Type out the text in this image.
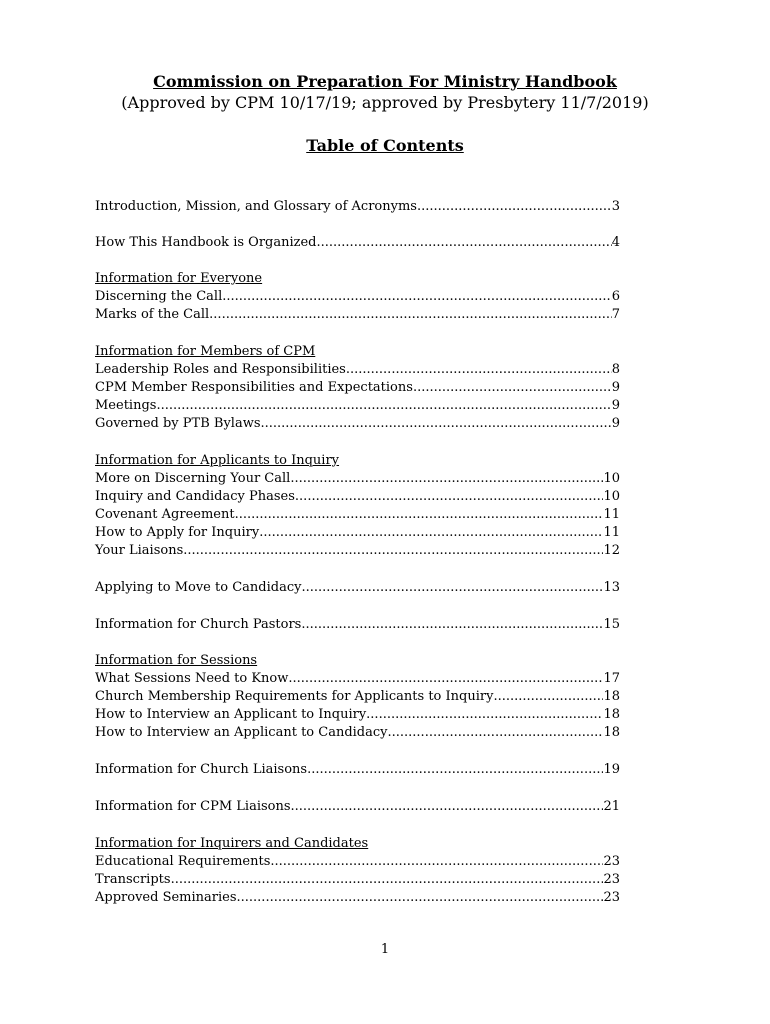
Commission on Preparation For Ministry Handbook

(Approved by CPM 10/17/19; approved by Presbytery 11/7/2019)

Table of Contents
Introduction, Mission, and Glossary of Acronyms .....	3
How This Handbook is Organized .....	4
Information for Everyone
Discerning the Call .....	6
Marks of the Call .....	7
Information for Members of CPM
Leadership Roles and Responsibilities .....	8
CPM Member Responsibilities and Expectations .....	9
Meetings .....	9
Governed by PTB Bylaws .....	9
Information for Applicants to Inquiry
More on Discerning Your Call .....	10
Inquiry and Candidacy Phases .....	10
Covenant Agreement .....	11
How to Apply for Inquiry .....	11
Your Liaisons .....	12
Applying to Move to Candidacy .....	13
Information for Church Pastors .....	15
Information for Sessions
What Sessions Need to Know .....	17
Church Membership Requirements for Applicants to Inquiry .....	18
How to Interview an Applicant to Inquiry .....	18
How to Interview an Applicant to Candidacy .....	18
Information for Church Liaisons .....	19
Information for CPM Liaisons .....	21
Information for Inquirers and Candidates
Educational Requirements .....	23
Transcripts .....	23
Approved Seminaries .....	23
1
